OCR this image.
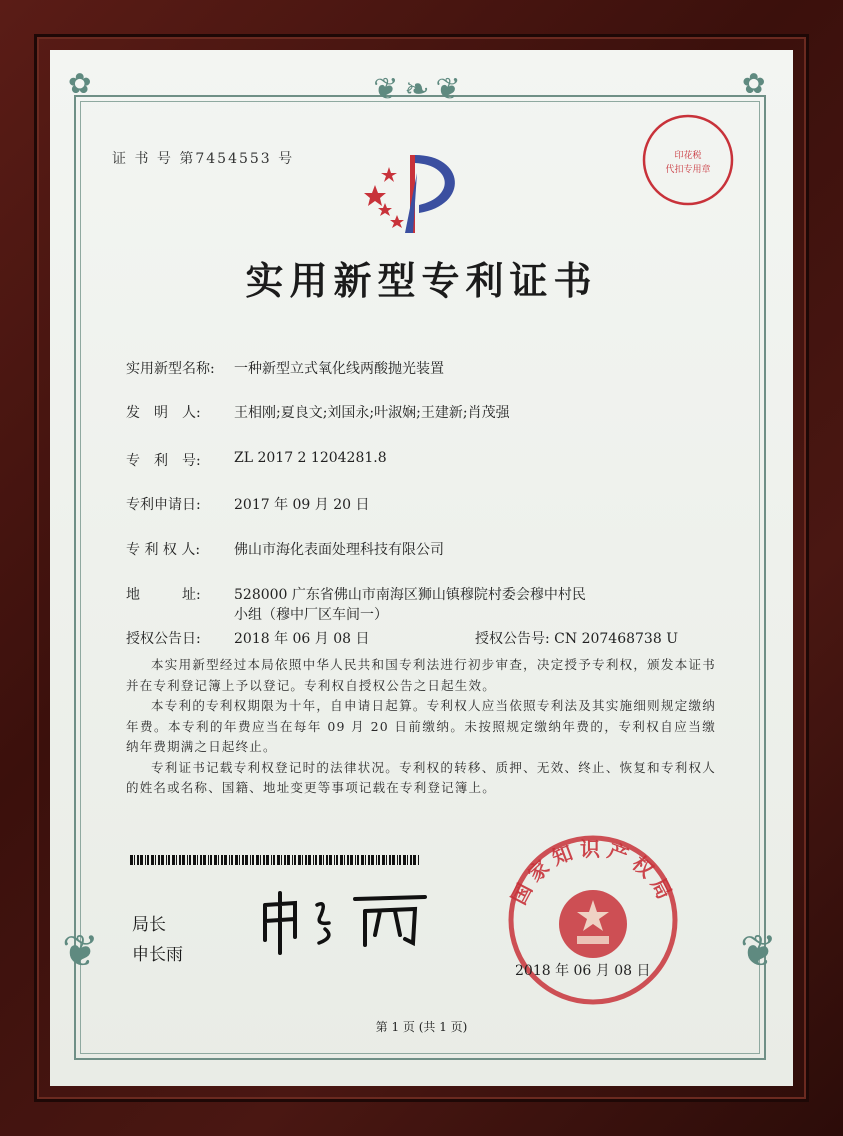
❦❧❦
❦	❦
✿	✿
证 书 号 第7454553 号	印花税
代扣专用章
实用新型专利证书
实用新型名称: 一种新型立式氧化线两酸抛光装置
发　明　人: 王相刚;夏良文;刘国永;叶淑娴;王建新;肖茂强
专　利　号: ZL 2017 2 1204281.8
专利申请日: 2017 年 09 月 20 日
专 利 权 人: 佛山市海化表面处理科技有限公司
地　　　址: 528000 广东省佛山市南海区狮山镇穆院村委会穆中村民
小组（穆中厂区车间一）
授权公告日: 2018 年 06 月 08 日	授权公告号: CN 207468738 U

本实用新型经过本局依照中华人民共和国专利法进行初步审查，决定授予专利权，颁发本证书并在专利登记簿上予以登记。专利权自授权公告之日起生效。

本专利的专利权期限为十年，自申请日起算。专利权人应当依照专利法及其实施细则规定缴纳年费。本专利的年费应当在每年 09 月 20 日前缴纳。未按照规定缴纳年费的，专利权自应当缴纳年费期满之日起终止。

专利证书记载专利权登记时的法律状况。专利权的转移、质押、无效、终止、恢复和专利权人的姓名或名称、国籍、地址变更等事项记载在专利登记簿上。

局长
申长雨
国家知识产权局
2018 年 06 月 08 日
第 1 页 (共 1 页)
